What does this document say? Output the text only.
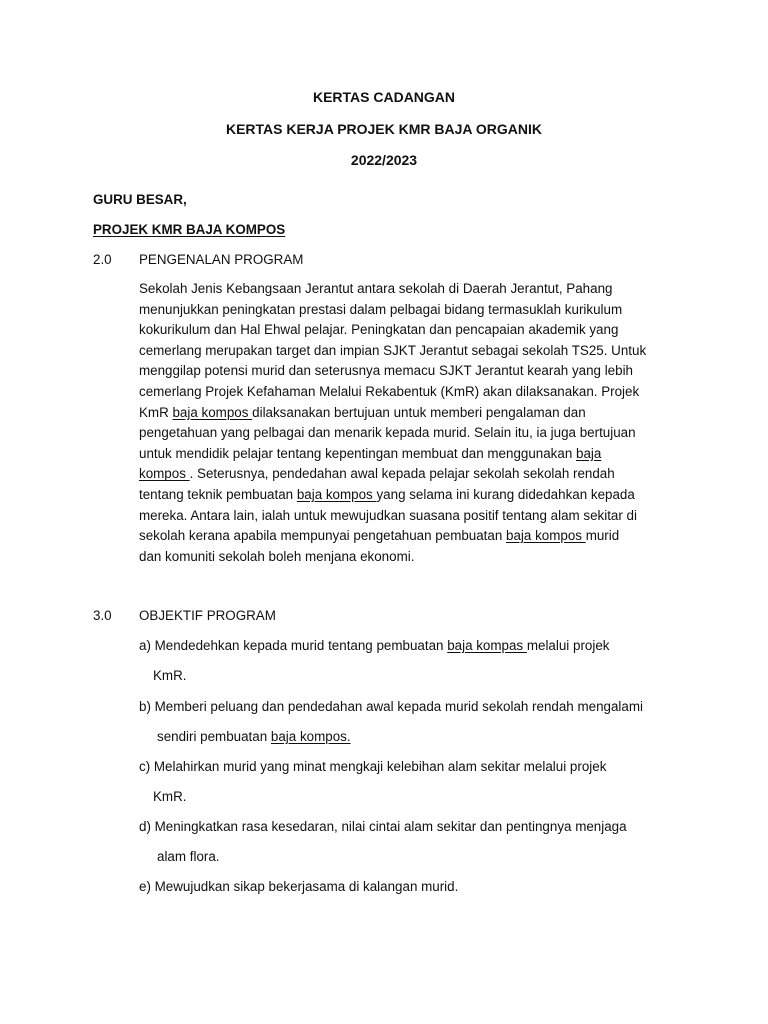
KERTAS CADANGAN
KERTAS KERJA PROJEK KMR BAJA ORGANIK
2022/2023
GURU BESAR,
PROJEK KMR BAJA KOMPOS
2.0 PENGENALAN PROGRAM
Sekolah Jenis Kebangsaan Jerantut antara sekolah di Daerah Jerantut, Pahang
menunjukkan peningkatan prestasi dalam pelbagai bidang termasuklah kurikulum
kokurikulum dan Hal Ehwal pelajar. Peningkatan dan pencapaian akademik yang
cemerlang merupakan target dan impian SJKT Jerantut sebagai sekolah TS25. Untuk
menggilap potensi murid dan seterusnya memacu SJKT Jerantut kearah yang lebih
cemerlang Projek Kefahaman Melalui Rekabentuk (KmR) akan dilaksanakan. Projek
KmR baja kompos dilaksanakan bertujuan untuk memberi pengalaman dan
pengetahuan yang pelbagai dan menarik kepada murid. Selain itu, ia juga bertujuan
untuk mendidik pelajar tentang kepentingan membuat dan menggunakan baja
kompos . Seterusnya, pendedahan awal kepada pelajar sekolah sekolah rendah
tentang teknik pembuatan baja kompos yang selama ini kurang didedahkan kepada
mereka. Antara lain, ialah untuk mewujudkan suasana positif tentang alam sekitar di
sekolah kerana apabila mempunyai pengetahuan pembuatan baja kompos murid
dan komuniti sekolah boleh menjana ekonomi.
3.0 OBJEKTIF PROGRAM
a) Mendedehkan kepada murid tentang pembuatan baja kompas melalui projek
KmR.
b) Memberi peluang dan pendedahan awal kepada murid sekolah rendah mengalami
sendiri pembuatan baja kompos.
c) Melahirkan murid yang minat mengkaji kelebihan alam sekitar melalui projek
KmR.
d) Meningkatkan rasa kesedaran, nilai cintai alam sekitar dan pentingnya menjaga
alam flora.
e) Mewujudkan sikap bekerjasama di kalangan murid.
